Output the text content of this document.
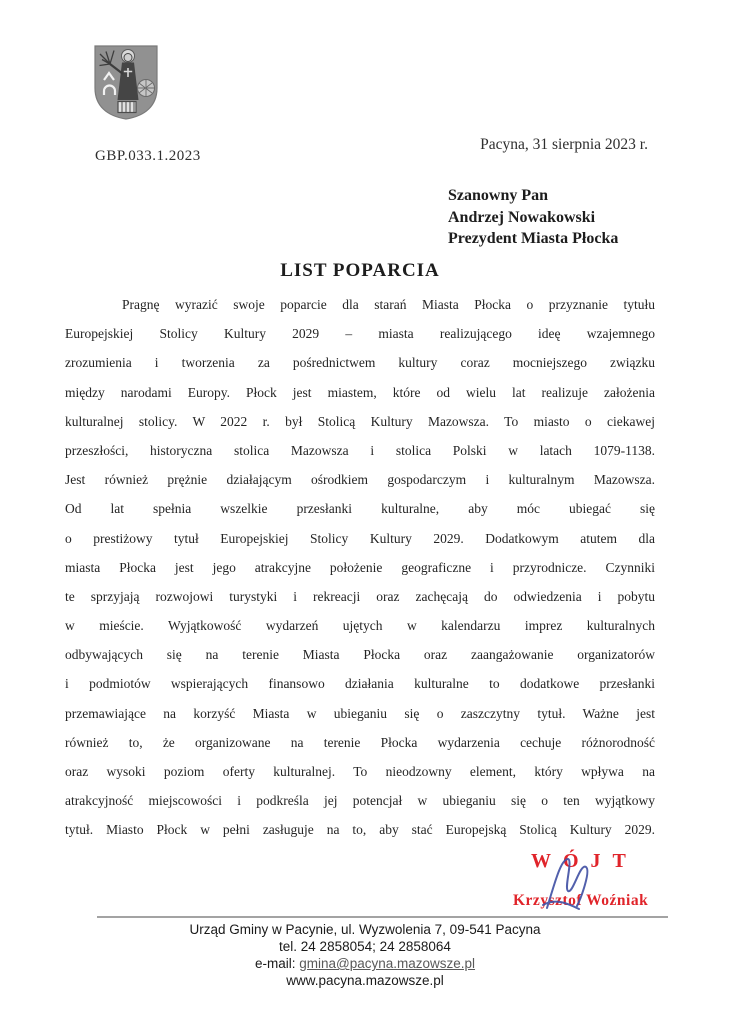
GBP.033.1.2023
Pacyna, 31 sierpnia 2023 r.
Szanowny Pan
Andrzej Nowakowski
Prezydent Miasta Płocka
LIST POPARCIA
Pragnę wyrazić swoje poparcie dla starań Miasta Płocka o przyznanie tytułu
Europejskiej Stolicy Kultury 2029 – miasta realizującego ideę wzajemnego
zrozumienia i tworzenia za pośrednictwem kultury coraz mocniejszego związku
między narodami Europy. Płock jest miastem, które od wielu lat realizuje założenia
kulturalnej stolicy. W 2022 r. był Stolicą Kultury Mazowsza. To miasto o ciekawej
przeszłości, historyczna stolica Mazowsza i stolica Polski w latach 1079-1138.
Jest również prężnie działającym ośrodkiem gospodarczym i kulturalnym Mazowsza.
Od lat spełnia wszelkie przesłanki kulturalne, aby móc ubiegać się
o prestiżowy tytuł Europejskiej Stolicy Kultury 2029. Dodatkowym atutem dla
miasta Płocka jest jego atrakcyjne położenie geograficzne i przyrodnicze. Czynniki
te sprzyjają rozwojowi turystyki i rekreacji oraz zachęcają do odwiedzenia i pobytu
w mieście. Wyjątkowość wydarzeń ujętych w kalendarzu imprez kulturalnych
odbywających się na terenie Miasta Płocka oraz zaangażowanie organizatorów
i podmiotów wspierających finansowo działania kulturalne to dodatkowe przesłanki
przemawiające na korzyść Miasta w ubieganiu się o zaszczytny tytuł. Ważne jest
również to, że organizowane na terenie Płocka wydarzenia cechuje różnorodność
oraz wysoki poziom oferty kulturalnej. To nieodzowny element, który wpływa na
atrakcyjność miejscowości i podkreśla jej potencjał w ubieganiu się o ten wyjątkowy
tytuł. Miasto Płock w pełni zasługuje na to, aby stać Europejską Stolicą Kultury 2029.
WÓJT
Krzysztof Woźniak
Urząd Gminy w Pacynie, ul. Wyzwolenia 7, 09-541 Pacyna
tel. 24 2858054; 24 2858064
e-mail: gmina@pacyna.mazowsze.pl
www.pacyna.mazowsze.pl
